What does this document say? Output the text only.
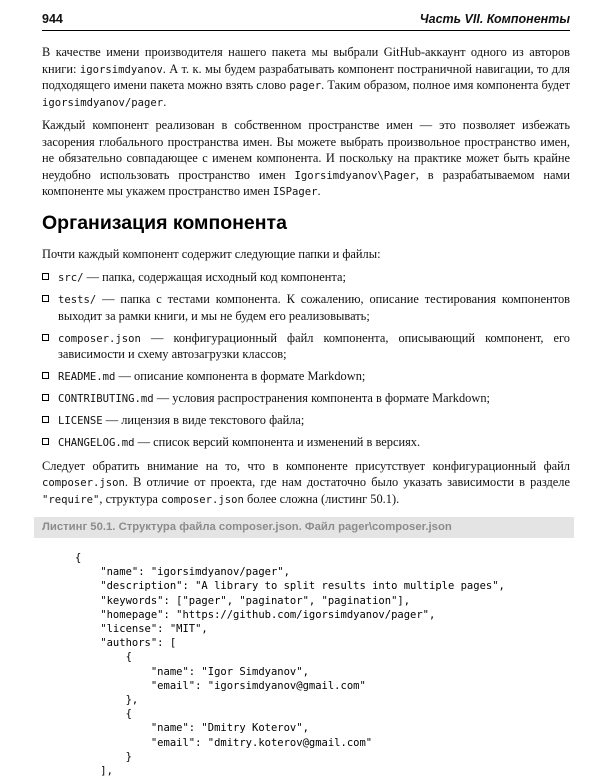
944	Часть VII. Компоненты

В качестве имени производителя нашего пакета мы выбрали GitHub-аккаунт одного из авторов книги: igorsimdyanov. А т. к. мы будем разрабатывать компонент постраничной навигации, то для подходящего имени пакета можно взять слово pager. Таким образом, полное имя компонента будет igorsimdyanov/pager.

Каждый компонент реализован в собственном пространстве имен — это позволяет избежать засорения глобального пространства имен. Вы можете выбрать произвольное пространство имен, не обязательно совпадающее с именем компонента. И поскольку на практике может быть крайне неудобно использовать пространство имен Igorsimdyanov\Pager, в разрабатываемом нами компоненте мы укажем пространство имен ISPager.

Организация компонента

Почти каждый компонент содержит следующие папки и файлы:

src/ — папка, содержащая исходный код компонента;
tests/ — папка с тестами компонента. К сожалению, описание тестирования компонентов выходит за рамки книги, и мы не будем его реализовывать;
composer.json — конфигурационный файл компонента, описывающий компонент, его зависимости и схему автозагрузки классов;
README.md — описание компонента в формате Markdown;
CONTRIBUTING.md — условия распространения компонента в формате Markdown;
LICENSE — лицензия в виде текстового файла;
CHANGELOG.md — список версий компонента и изменений в версиях.

Следует обратить внимание на то, что в компоненте присутствует конфигурационный файл composer.json. В отличие от проекта, где нам достаточно было указать зависимости в разделе "require", структура composer.json более сложна (листинг 50.1).

Листинг 50.1. Структура файла composer.json. Файл pager\composer.json
{
"name": "igorsimdyanov/pager",
"description": "A library to split results into multiple pages",
"keywords": ["pager", "paginator", "pagination"],
"homepage": "https://github.com/igorsimdyanov/pager",
"license": "MIT",
"authors": [
{
"name": "Igor Simdyanov",
"email": "igorsimdyanov@gmail.com"
},
{
"name": "Dmitry Koterov",
"email": "dmitry.koterov@gmail.com"
}
],
